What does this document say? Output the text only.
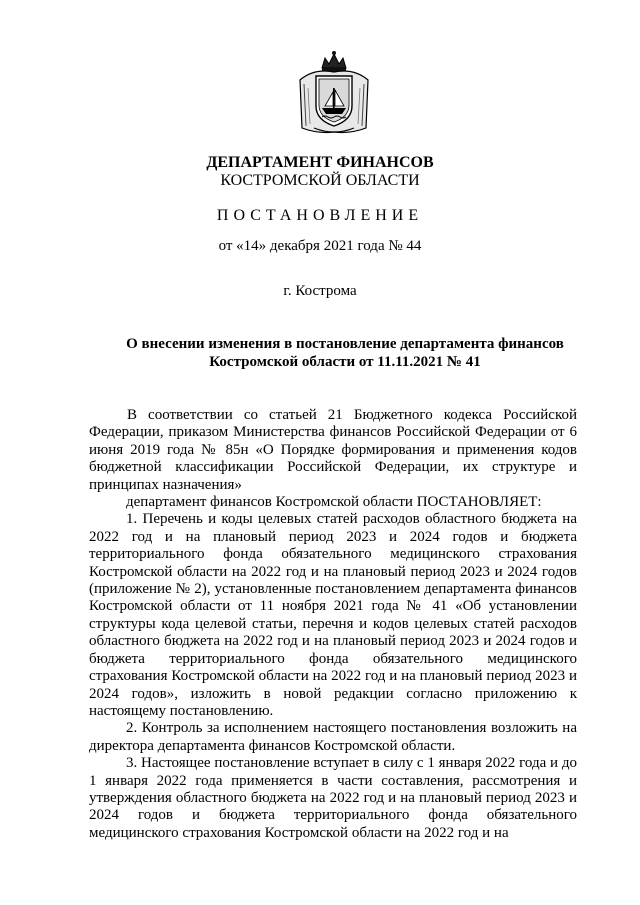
ДЕПАРТАМЕНТ ФИНАНСОВ
КОСТРОМСКОЙ ОБЛАСТИ
ПОСТАНОВЛЕНИЕ
от «14» декабря 2021 года № 44
г. Кострома
О внесении изменения в постановление департамента финансов
Костромской области от 11.11.2021 № 41

В соответствии со статьей 21 Бюджетного кодекса Российской Федерации, приказом Министерства финансов Российской Федерации от 6 июня 2019 года № 85н «О Порядке формирования и применения кодов бюджетной классификации Российской Федерации, их структуре и принципах назначения»

департамент финансов Костромской области ПОСТАНОВЛЯЕТ:

1. Перечень и коды целевых статей расходов областного бюджета на 2022 год и на плановый период 2023 и 2024 годов и бюджета территориального фонда обязательного медицинского страхования Костромской области на 2022 год и на плановый период 2023 и 2024 годов (приложение № 2), установленные постановлением департамента финансов Костромской области от 11 ноября 2021 года № 41 «Об установлении структуры кода целевой статьи, перечня и кодов целевых статей расходов областного бюджета на 2022 год и на плановый период 2023 и 2024 годов и бюджета территориального фонда обязательного медицинского страхования Костромской области на 2022 год и на плановый период 2023 и 2024 годов», изложить в новой редакции согласно приложению к настоящему постановлению.

2. Контроль за исполнением настоящего постановления возложить на директора департамента финансов Костромской области.

3. Настоящее постановление вступает в силу с 1 января 2022 года и до 1 января 2022 года применяется в части составления, рассмотрения и утверждения областного бюджета на 2022 год и на плановый период 2023 и 2024 годов и бюджета территориального фонда обязательного медицинского страхования Костромской области на 2022 год и на
